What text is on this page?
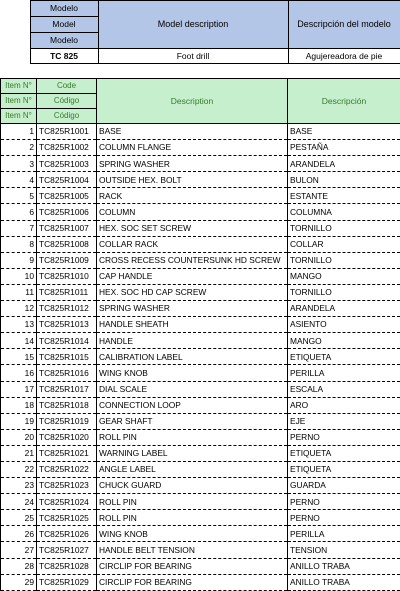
	Modelo	Model description	Descripción del modelo
	Model		
	Modelo		
	TC 825	Foot drill	Agujereadora de pie
Item N°	Code	Description	Descripción
Item N°	Código		
Item N°	Código		
1	TC825R1001	BASE	BASE
2	TC825R1002	COLUMN FLANGE	PESTAÑA
3	TC825R1003	SPRING WASHER	ARANDELA
4	TC825R1004	OUTSIDE HEX. BOLT	BULON
5	TC825R1005	RACK	ESTANTE
6	TC825R1006	COLUMN	COLUMNA
7	TC825R1007	HEX. SOC SET SCREW	TORNILLO
8	TC825R1008	COLLAR RACK	COLLAR
9	TC825R1009	CROSS RECESS COUNTERSUNK HD SCREW	TORNILLO
10	TC825R1010	CAP HANDLE	MANGO
11	TC825R1011	HEX. SOC HD CAP SCREW	TORNILLO
12	TC825R1012	SPRING WASHER	ARANDELA
13	TC825R1013	HANDLE SHEATH	ASIENTO
14	TC825R1014	HANDLE	MANGO
15	TC825R1015	CALIBRATION LABEL	ETIQUETA
16	TC825R1016	WING KNOB	PERILLA
17	TC825R1017	DIAL SCALE	ESCALA
18	TC825R1018	CONNECTION LOOP	ARO
19	TC825R1019	GEAR SHAFT	EJE
20	TC825R1020	ROLL PIN	PERNO
21	TC825R1021	WARNING LABEL	ETIQUETA
22	TC825R1022	ANGLE LABEL	ETIQUETA
23	TC825R1023	CHUCK GUARD	GUARDA
24	TC825R1024	ROLL PIN	PERNO
25	TC825R1025	ROLL PIN	PERNO
26	TC825R1026	WING KNOB	PERILLA
27	TC825R1027	HANDLE BELT TENSION	TENSION
28	TC825R1028	CIRCLIP FOR BEARING	ANILLO TRABA
29	TC825R1029	CIRCLIP FOR BEARING	ANILLO TRABA
